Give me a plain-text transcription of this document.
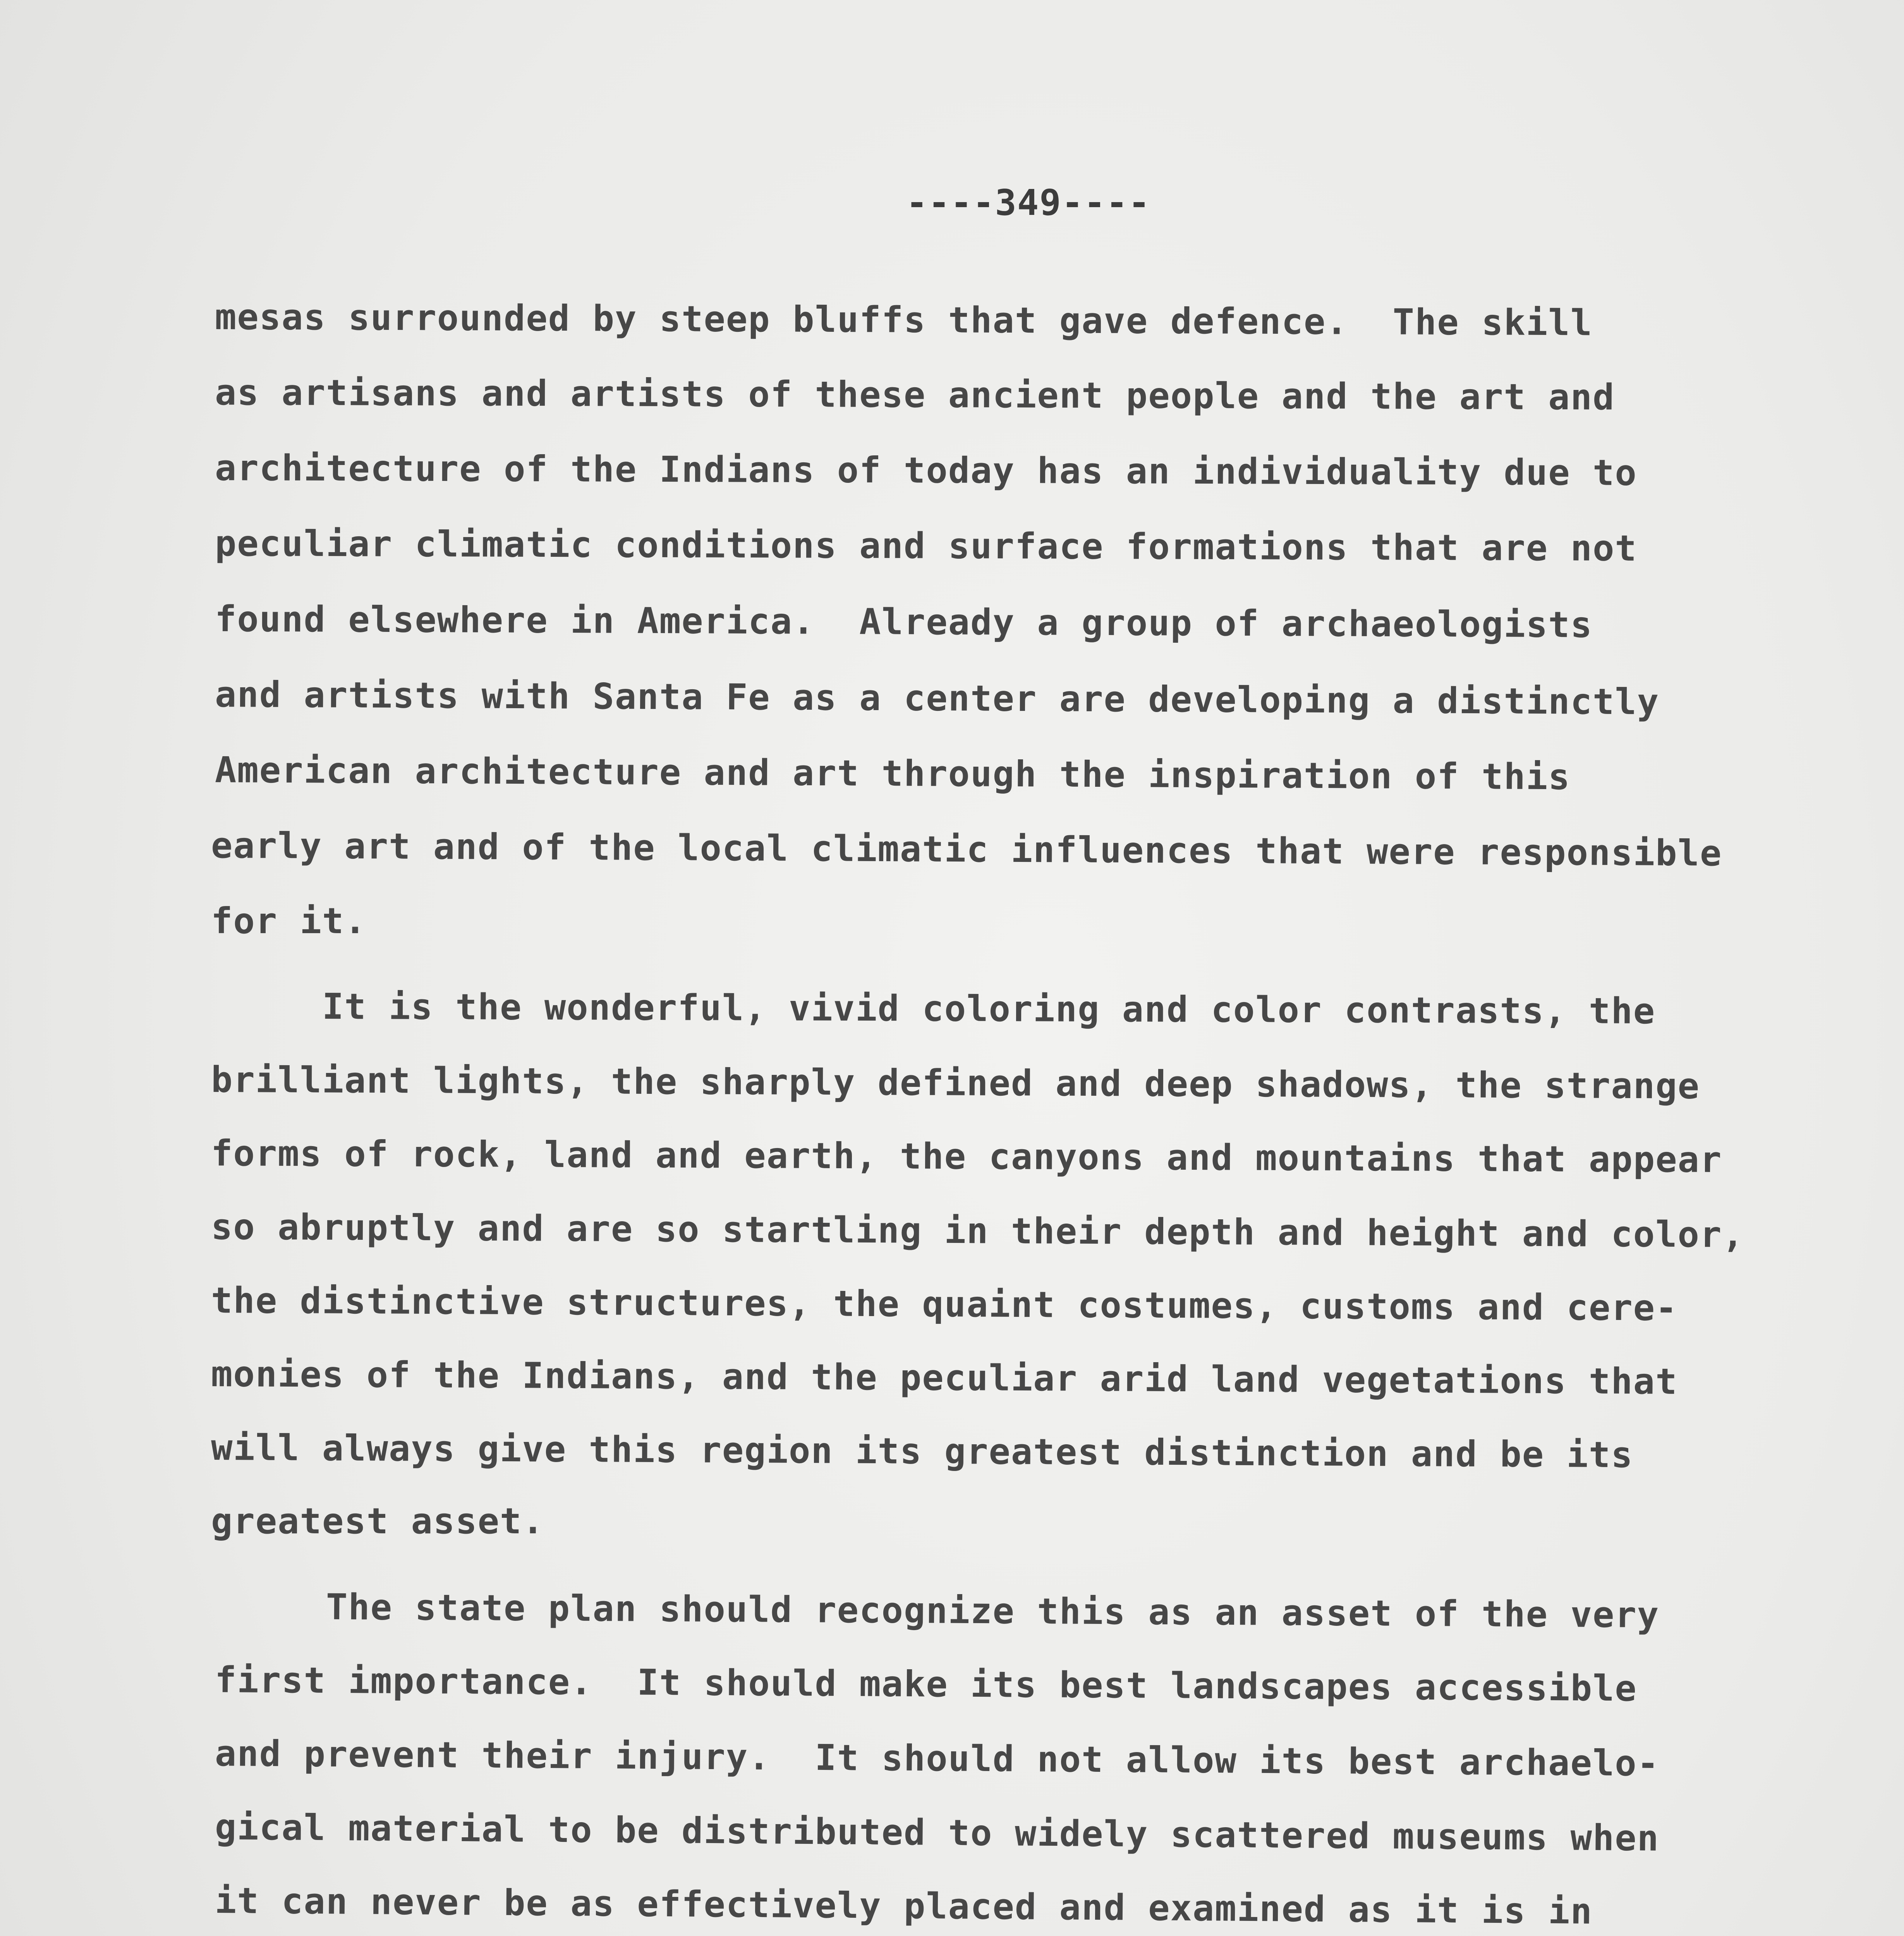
----349----
mesas surrounded by steep bluffs that gave defence.  The skill
as artisans and artists of these ancient people and the art and
architecture of the Indians of today has an individuality due to
peculiar climatic conditions and surface formations that are not
found elsewhere in America.  Already a group of archaeologists
and artists with Santa Fe as a center are developing a distinctly
American architecture and art through the inspiration of this
early art and of the local climatic influences that were responsible
for it.
It is the wonderful, vivid coloring and color contrasts, the
brilliant lights, the sharply defined and deep shadows, the strange
forms of rock, land and earth, the canyons and mountains that appear
so abruptly and are so startling in their depth and height and color,
the distinctive structures, the quaint costumes, customs and cere-
monies of the Indians, and the peculiar arid land vegetations that
will always give this region its greatest distinction and be its
greatest asset.
The state plan should recognize this as an asset of the very
first importance.  It should make its best landscapes accessible
and prevent their injury.  It should not allow its best archaelo-
gical material to be distributed to widely scattered museums when
it can never be as effectively placed and examined as it is in
